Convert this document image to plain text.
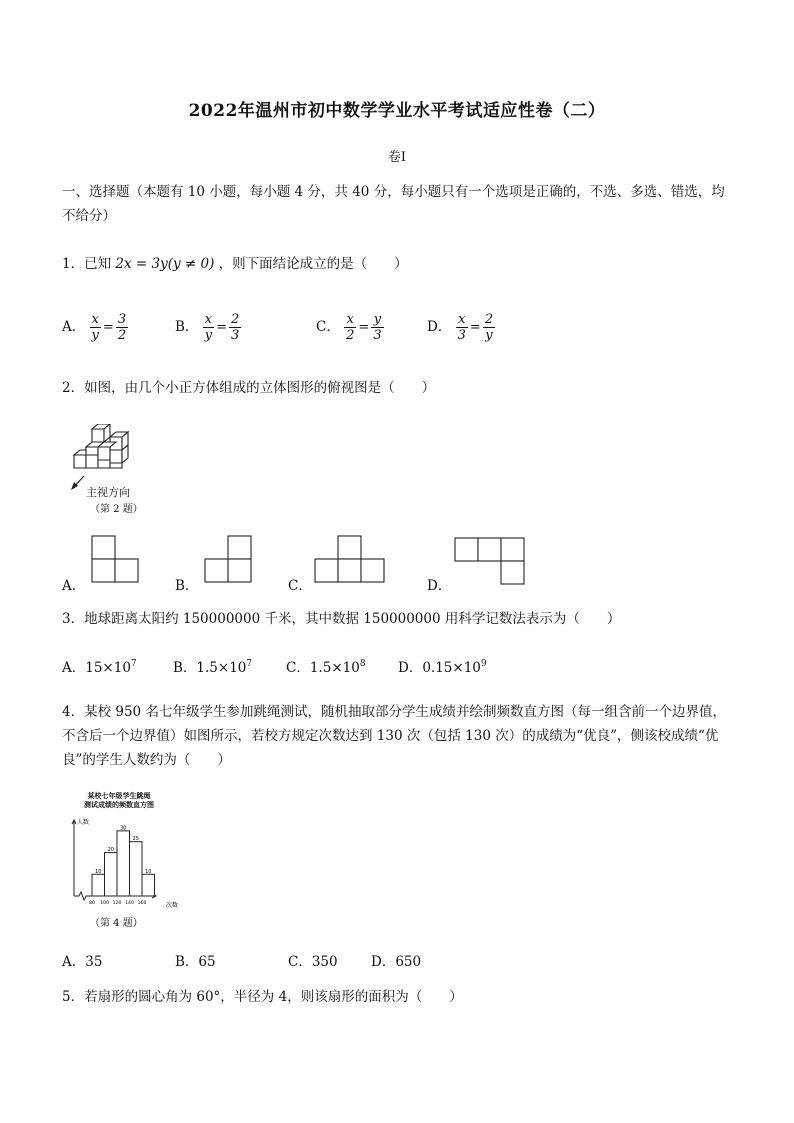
2022年温州市初中数学学业水平考试适应性卷（二）
卷I
一、选择题（本题有 10 小题，每小题 4 分，共 40 分，每小题只有一个选项是正确的，不选、多选、错选，均
不给分）
1．已知 2x = 3y(y ≠ 0) ，则下面结论成立的是（　　）
A． $\frac{x}{y} = \frac{3}{2}$	B． $\frac{x}{y} = \frac{2}{3}$	C． $\frac{x}{2} = \frac{y}{3}$	D． $\frac{x}{3} = \frac{2}{y}$
2．如图，由几个小正方体组成的立体图形的俯视图是（　　）
主视方向
（第 2 题）
A．	B．	C．	D．
3．地球距离太阳约 150000000 千米，其中数据 150000000 用科学记数法表示为（　　）
A．$15\times 10^7$	B．$1.5\times 10^7$	C．$1.5\times 10^8$ D．$0.15\times 10^9$
4．某校 950 名七年级学生参加跳绳测试，随机抽取部分学生成绩并绘制频数直方图（每一组含前一个边界值，
不含后一个边界值）如图所示，若校方规定次数达到 130 次（包括 130 次）的成绩为“优良”，侧该校成绩“优
良”的学生人数约为（　　）
某校七年级学生跳绳
测试成绩的频数直方图
10
20
30
25
10
80 100 120 140 160
人数
次数
（第 4 题）
A．35	B．65	C．350 D．650
5．若扇形的圆心角为 60°，半径为 4，则该扇形的面积为（　　）
